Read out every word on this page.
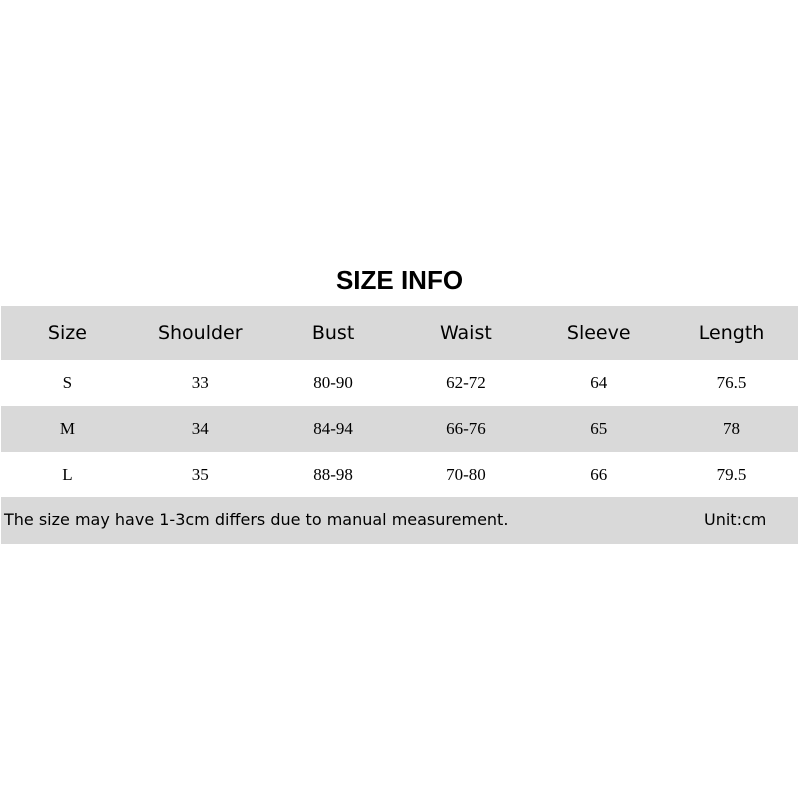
SIZE INFO
Size	Shoulder	Bust	Waist	Sleeve	Length
S	33	80-90	62-72	64	76.5
M	34	84-94	66-76	65	78
L	35	88-98	70-80	66	79.5
The size may have 1-3cm differs due to manual measurement.	Unit:cm
